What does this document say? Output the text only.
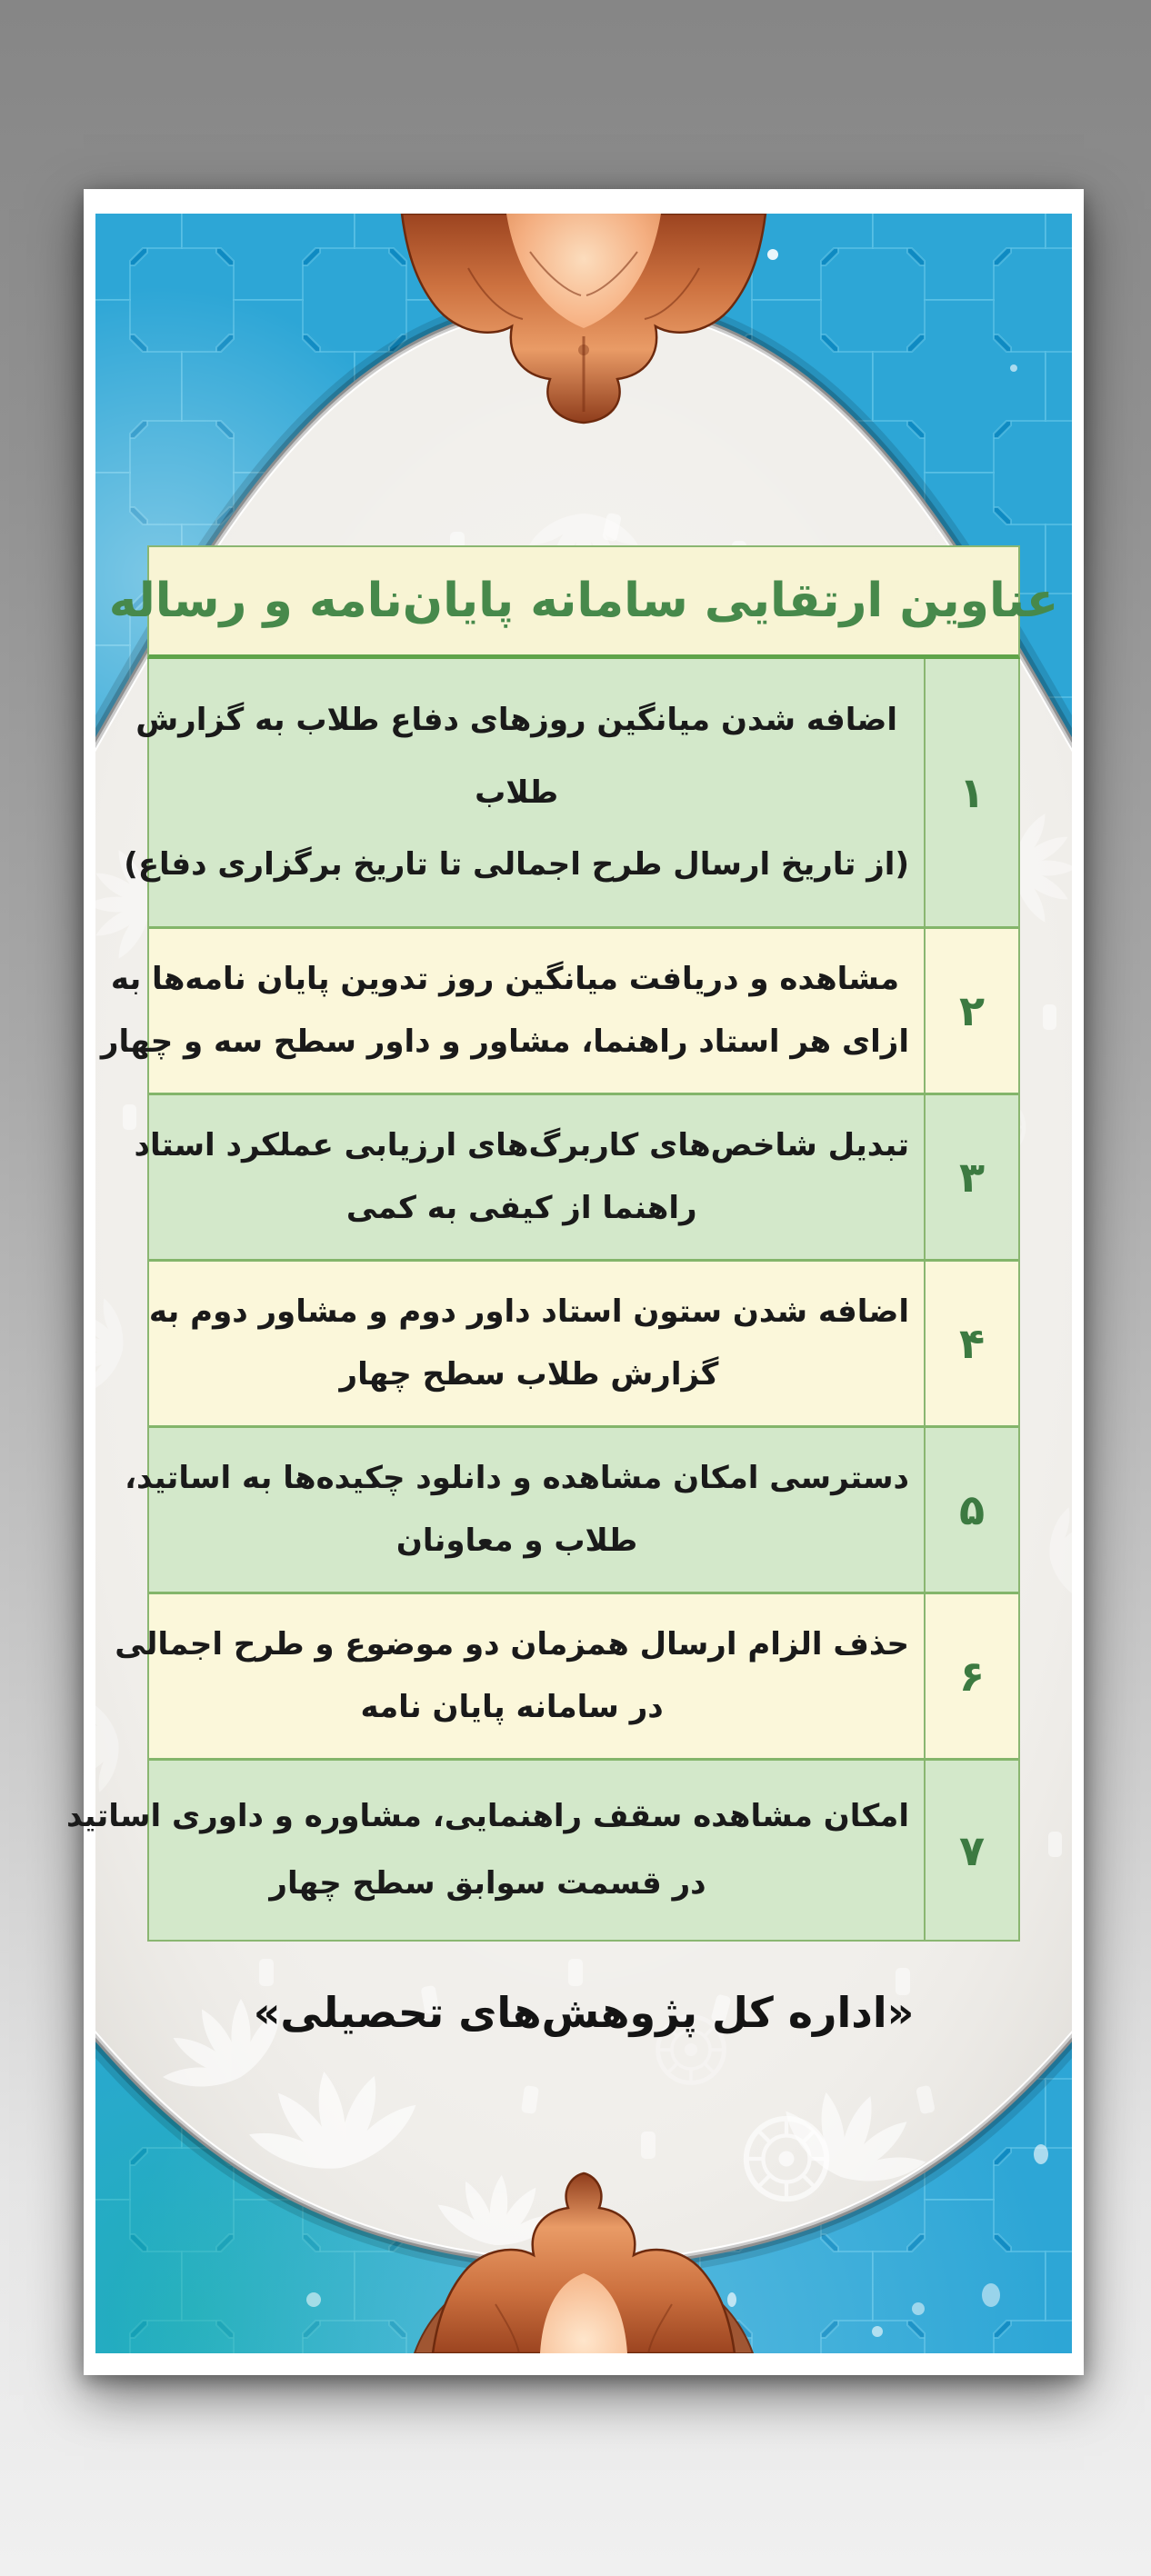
عناوین ارتقایی سامانه پایان‌نامه و رساله
۱
اضافه شدن میانگین روزهای دفاع طلاب به گزارش
طلاب
(از تاریخ ارسال طرح اجمالی تا تاریخ برگزاری دفاع)
۲
مشاهده و دریافت میانگین روز تدوین پایان نامه‌ها به
ازای هر استاد راهنما، مشاور و داور سطح سه و چهار
۳
تبدیل شاخص‌های کاربرگ‌های ارزیابی عملکرد استاد
راهنما از کیفی به کمی
۴
اضافه شدن ستون استاد داور دوم و مشاور دوم به
گزارش طلاب سطح چهار
۵
دسترسی امکان مشاهده و دانلود چکیده‌ها به اساتید،
طلاب و معاونان
۶
حذف الزام ارسال همزمان دو موضوع و طرح اجمالی
در سامانه پایان نامه
۷
امکان مشاهده سقف راهنمایی، مشاوره و داوری اساتید
در قسمت سوابق سطح چهار
«اداره کل پژوهش‌های تحصیلی»
